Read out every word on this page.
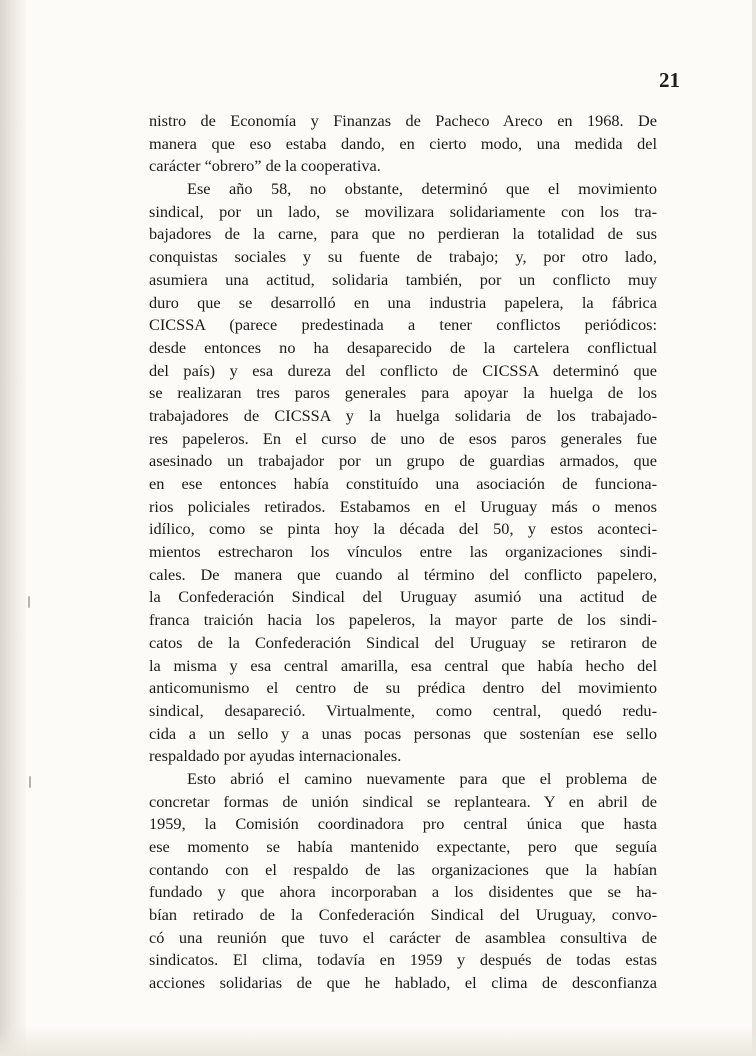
21
nistro de Economía y Finanzas de Pacheco Areco en 1968. De
manera que eso estaba dando, en cierto modo, una medida del
carácter “obrero” de la cooperativa.
Ese año 58, no obstante, determinó que el movimiento
sindical, por un lado, se movilizara solidariamente con los tra-
bajadores de la carne, para que no perdieran la totalidad de sus
conquistas sociales y su fuente de trabajo; y, por otro lado,
asumiera una actitud, solidaria también, por un conflicto muy
duro que se desarrolló en una industria papelera, la fábrica
CICSSA (parece predestinada a tener conflictos periódicos:
desde entonces no ha desaparecido de la cartelera conflictual
del país) y esa dureza del conflicto de CICSSA determinó que
se realizaran tres paros generales para apoyar la huelga de los
trabajadores de CICSSA y la huelga solidaria de los trabajado-
res papeleros. En el curso de uno de esos paros generales fue
asesinado un trabajador por un grupo de guardias armados, que
en ese entonces había constituído una asociación de funciona-
rios policiales retirados. Estabamos en el Uruguay más o menos
idílico, como se pinta hoy la década del 50, y estos aconteci-
mientos estrecharon los vínculos entre las organizaciones sindi-
cales. De manera que cuando al término del conflicto papelero,
la Confederación Sindical del Uruguay asumió una actitud de
franca traición hacia los papeleros, la mayor parte de los sindi-
catos de la Confederación Sindical del Uruguay se retiraron de
la misma y esa central amarilla, esa central que había hecho del
anticomunismo el centro de su prédica dentro del movimiento
sindical, desapareció. Virtualmente, como central, quedó redu-
cida a un sello y a unas pocas personas que sostenían ese sello
respaldado por ayudas internacionales.
Esto abrió el camino nuevamente para que el problema de
concretar formas de unión sindical se replanteara. Y en abril de
1959, la Comisión coordinadora pro central única que hasta
ese momento se había mantenido expectante, pero que seguía
contando con el respaldo de las organizaciones que la habían
fundado y que ahora incorporaban a los disidentes que se ha-
bían retirado de la Confederación Sindical del Uruguay, convo-
có una reunión que tuvo el carácter de asamblea consultiva de
sindicatos. El clima, todavía en 1959 y después de todas estas
acciones solidarias de que he hablado, el clima de desconfianza
